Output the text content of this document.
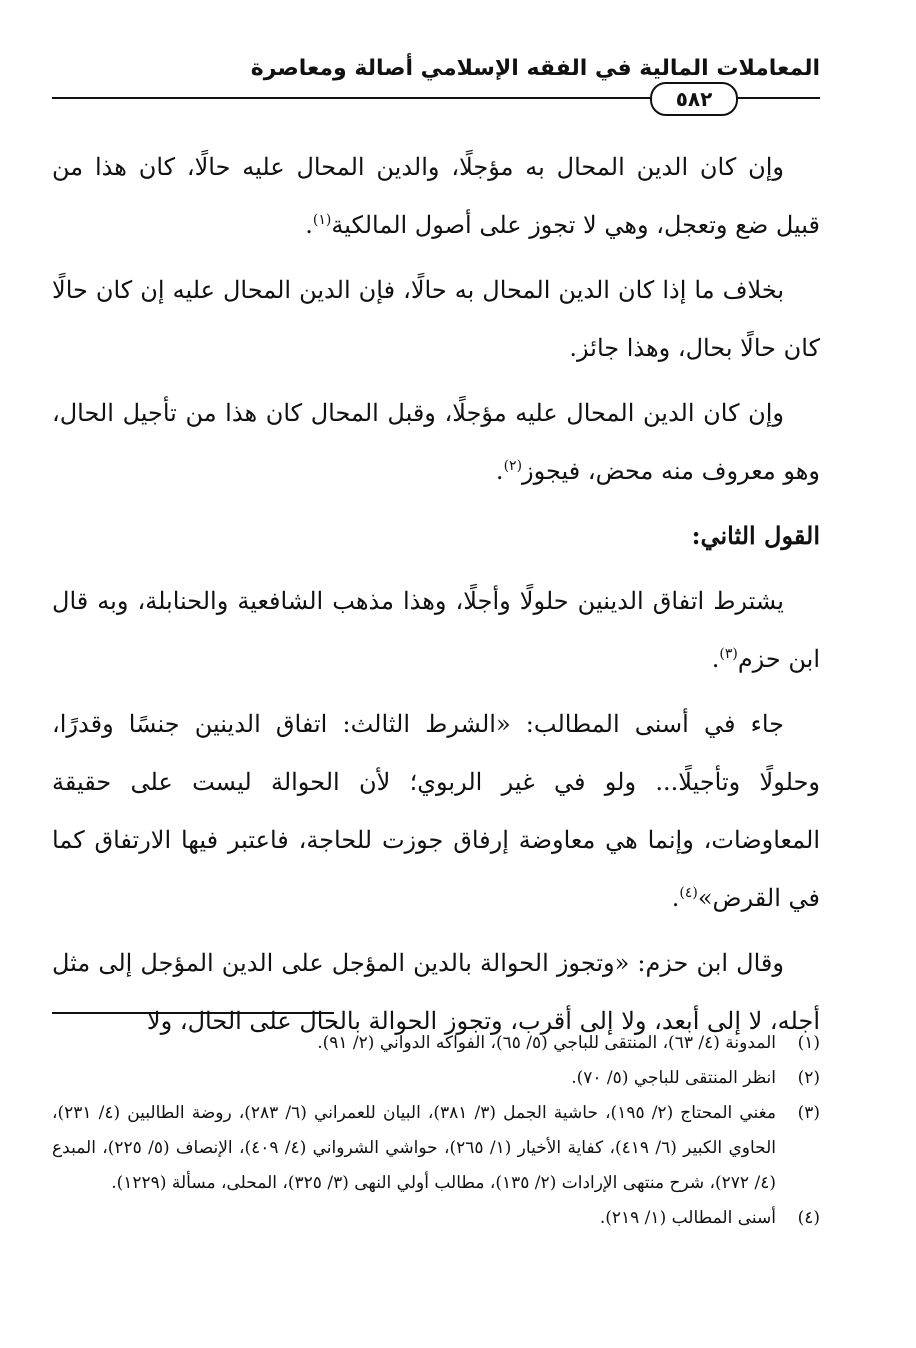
المعاملات المالية في الفقه الإسلامي أصالة ومعاصرة
٥٨٢

وإن كان الدين المحال به مؤجلًا، والدين المحال عليه حالًا، كان هذا من قبيل ضع وتعجل، وهي لا تجوز على أصول المالكية$^{(١)}$.

بخلاف ما إذا كان الدين المحال به حالًا، فإن الدين المحال عليه إن كان حالًا كان حالًا بحال، وهذا جائز.

وإن كان الدين المحال عليه مؤجلًا، وقبل المحال كان هذا من تأجيل الحال، وهو معروف منه محض، فيجوز$^{(٢)}$.

القول الثاني:

يشترط اتفاق الدينين حلولًا وأجلًا، وهذا مذهب الشافعية والحنابلة، وبه قال ابن حزم$^{(٣)}$.

جاء في أسنى المطالب: «الشرط الثالث: اتفاق الدينين جنسًا وقدرًا، وحلولًا وتأجيلًا... ولو في غير الربوي؛ لأن الحوالة ليست على حقيقة المعاوضات، وإنما هي معاوضة إرفاق جوزت للحاجة، فاعتبر فيها الارتفاق كما في القرض»$^{(٤)}$.

وقال ابن حزم: «وتجوز الحوالة بالدين المؤجل على الدين المؤجل إلى مثل أجله، لا إلى أبعد، ولا إلى أقرب، وتجوز الحوالة بالحال على الحال، ولا

(١)
المدونة (٤/ ٦٣)، المنتقى للباجي (٥/ ٦٥)، الفواكه الدواني (٢/ ٩١).
(٢)
انظر المنتقى للباجي (٥/ ٧٠).
(٣)
مغني المحتاج (٢/ ١٩٥)، حاشية الجمل (٣/ ٣٨١)، البيان للعمراني (٦/ ٢٨٣)، روضة الطالبين (٤/ ٢٣١)، الحاوي الكبير (٦/ ٤١٩)، كفاية الأخيار (١/ ٢٦٥)، حواشي الشرواني (٤/ ٤٠٩)، الإنصاف (٥/ ٢٢٥)، المبدع (٤/ ٢٧٢)، شرح منتهى الإرادات (٢/ ١٣٥)، مطالب أولي النهى (٣/ ٣٢٥)، المحلى، مسألة (١٢٢٩).
(٤)
أسنى المطالب (١/ ٢١٩).
